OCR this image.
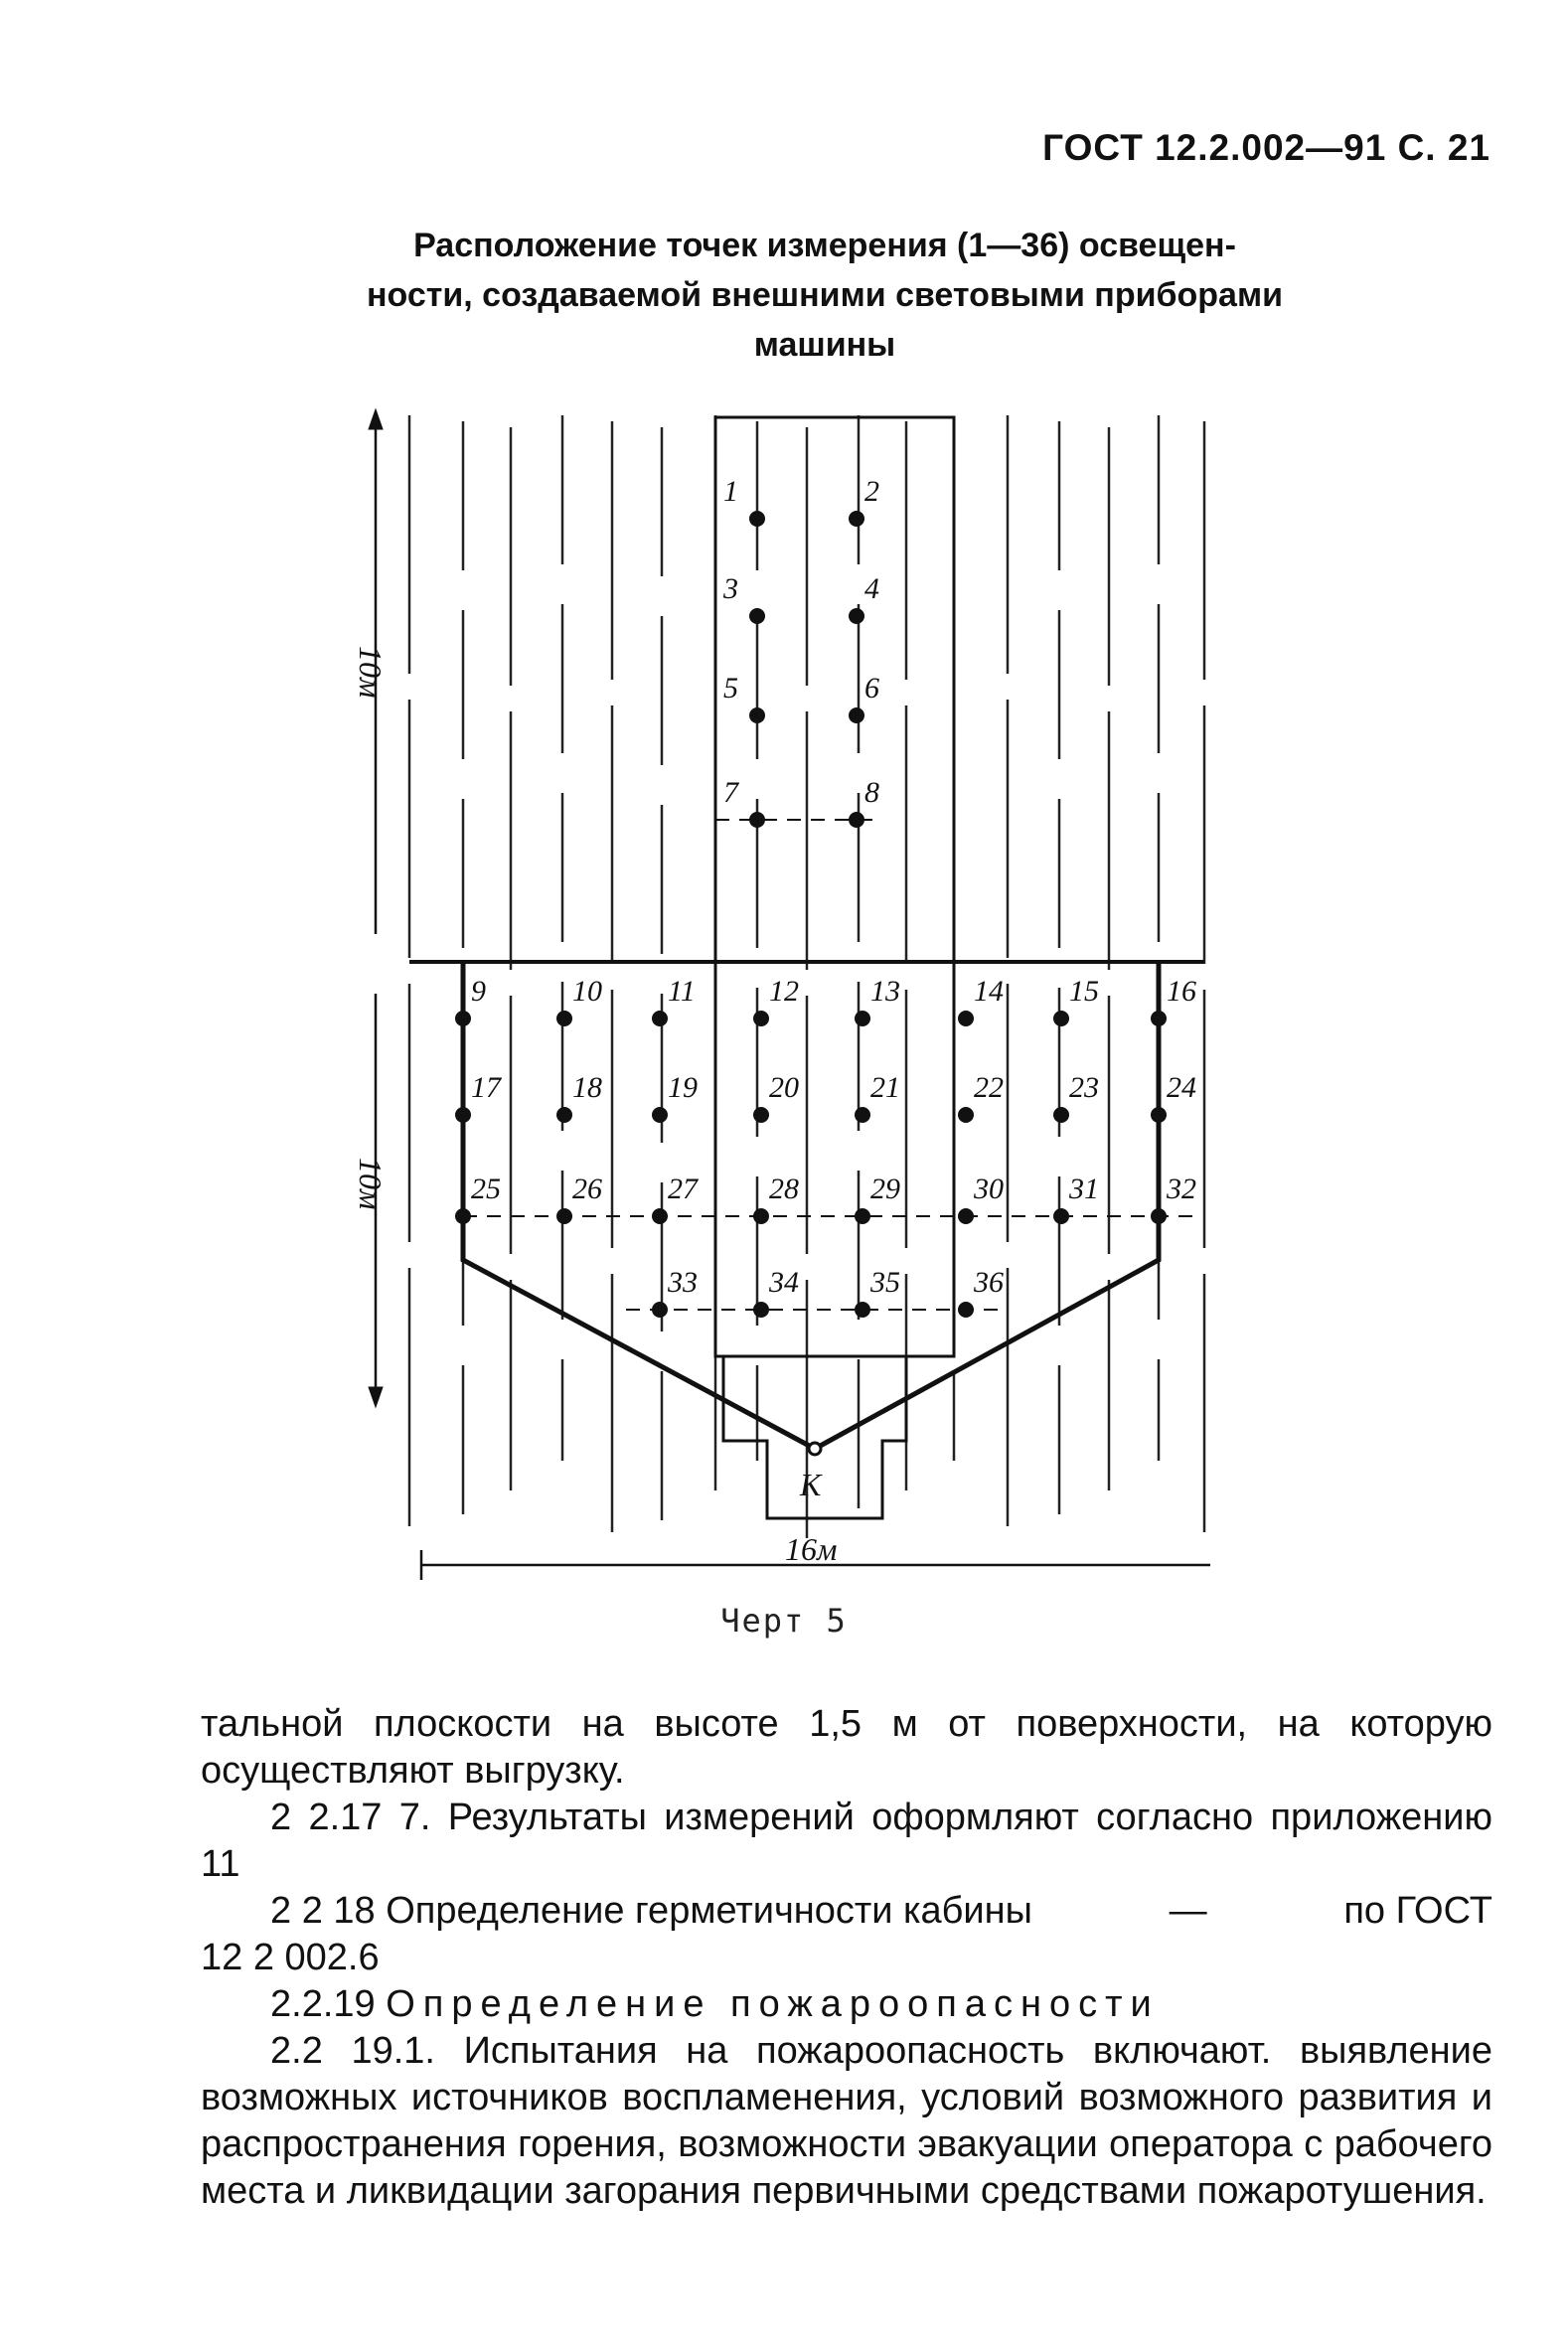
ГОСТ 12.2.002—91 С. 21
Расположение точек измерения (1—36) освещен-
ности, создаваемой внешними световыми приборами
машины
1	2
3	4
5	6
7	8
9	10 11 12 13 14 15 16
17 18 19 20 21 22 23 24
25 26 27 28 29 30 31 32
33 34 35 36
10м
10м
16м
К
Черт 5

тальной плоскости на высоте 1,5 м от поверхности, на которую осуществляют выгрузку.

2 2.17 7. Результаты измерений оформляют согласно приложению 11

2 2 18 Определение герметичности кабины	—	по ГОСТ

12 2 002.6

2.2.19 Определение пожароопасности

2.2 19.1. Испытания на пожароопасность включают. выявление возможных источников воспламенения, условий возможного развития и распространения горения, возможности эвакуации оператора с рабочего места и ликвидации загорания первичными средствами пожаротушения.
